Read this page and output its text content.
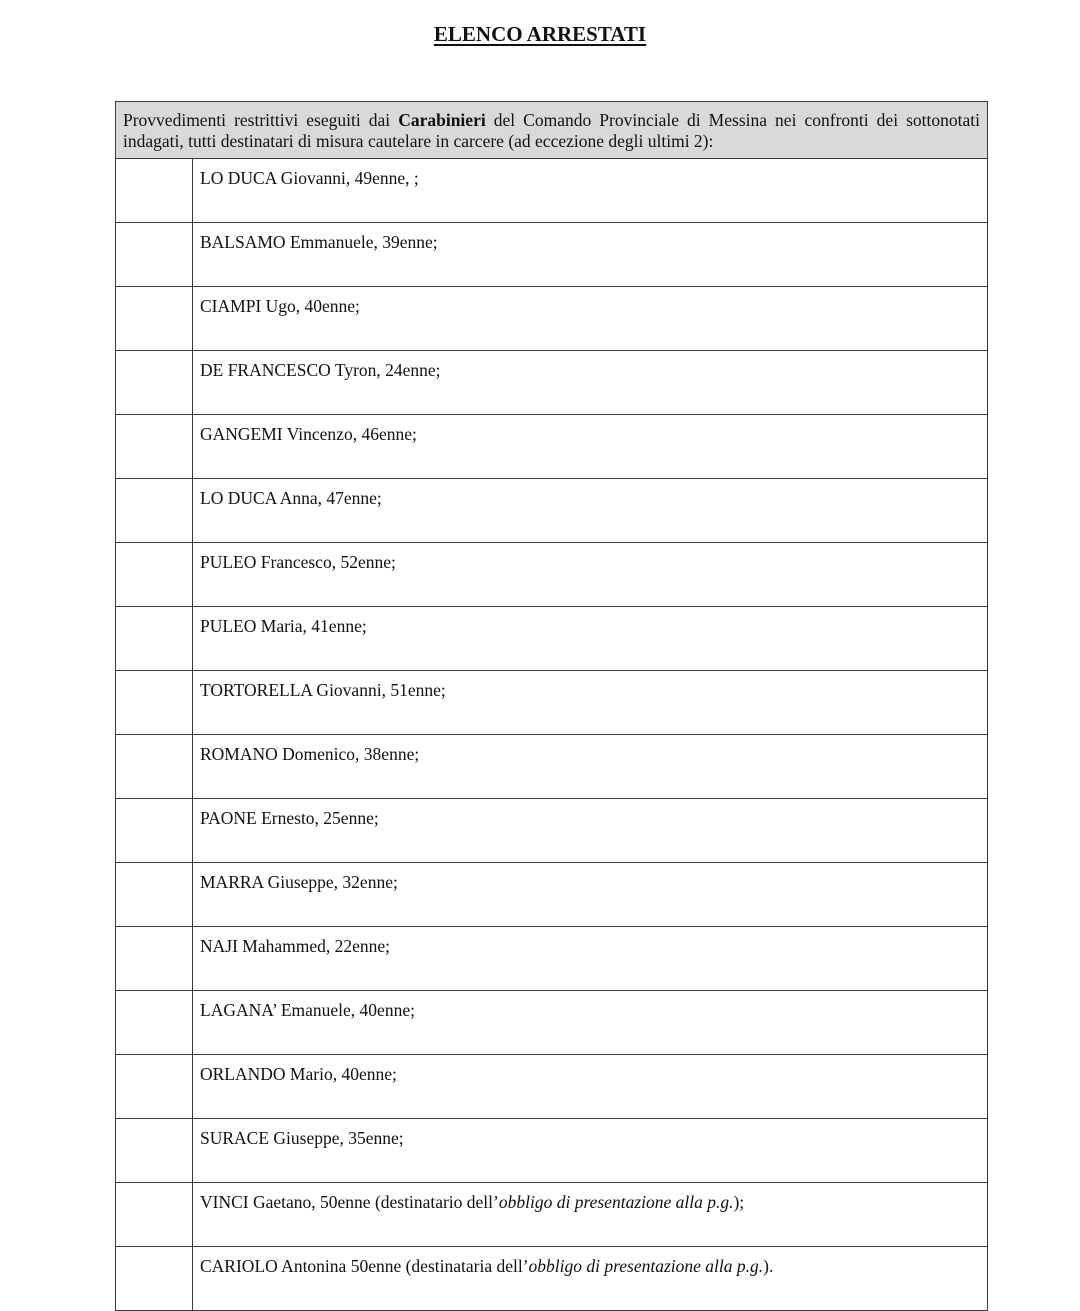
ELENCO ARRESTATI
Provvedimenti restrittivi eseguiti dai Carabinieri del Comando Provinciale di Messina nei confronti dei sottonotati indagati, tutti destinatari di misura cautelare in carcere (ad eccezione degli ultimi 2):	
	LO DUCA Giovanni, 49enne, ;
	BALSAMO Emmanuele, 39enne;
	CIAMPI Ugo, 40enne;
	DE FRANCESCO Tyron, 24enne;
	GANGEMI Vincenzo, 46enne;
	LO DUCA Anna, 47enne;
	PULEO Francesco, 52enne;
	PULEO Maria, 41enne;
	TORTORELLA Giovanni, 51enne;
	ROMANO Domenico, 38enne;
	PAONE Ernesto, 25enne;
	MARRA Giuseppe, 32enne;
	NAJI Mahammed, 22enne;
	LAGANA’ Emanuele, 40enne;
	ORLANDO Mario, 40enne;
	SURACE Giuseppe, 35enne;
	VINCI Gaetano, 50enne (destinatario dell’obbligo di presentazione alla p.g.);
	CARIOLO Antonina 50enne (destinataria dell’obbligo di presentazione alla p.g.).
